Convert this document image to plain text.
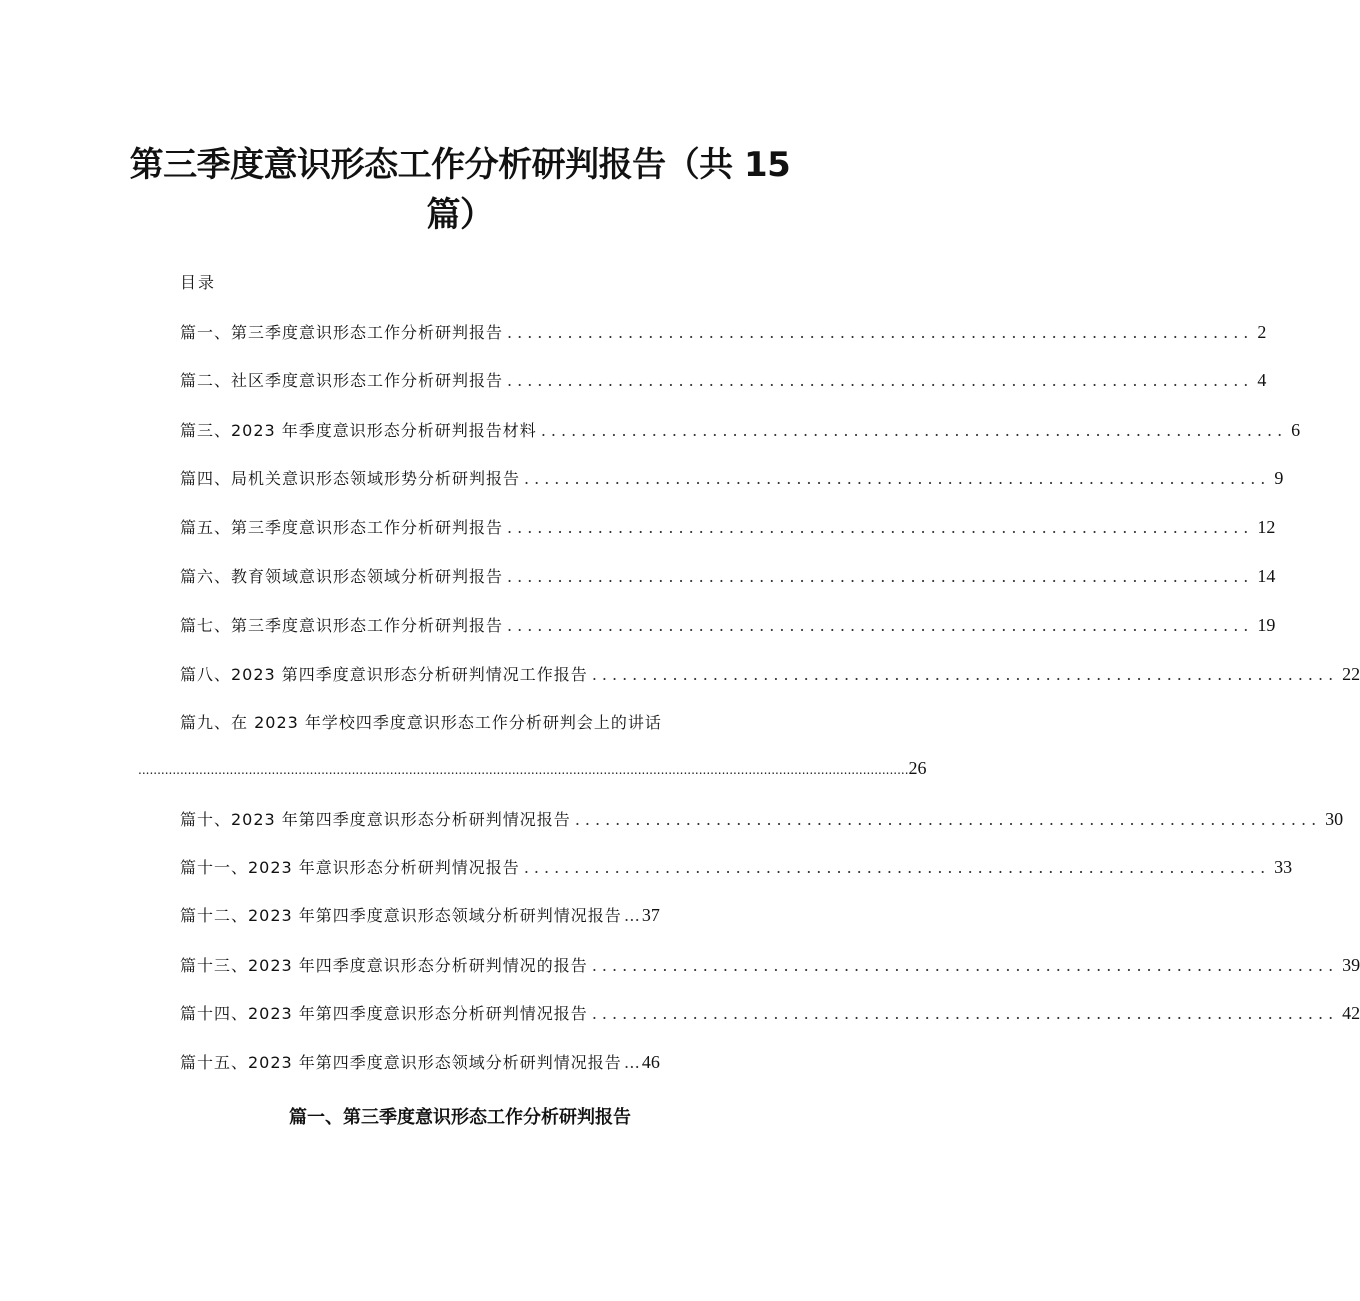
第三季度意识形态工作分析研判报告（共 15
篇）
目录
篇一、第三季度意识形态工作分析研判报告 .......................................................................... 2
篇二、社区季度意识形态工作分析研判报告 .......................................................................... 4
篇三、2023 年季度意识形态分析研判报告材料 .......................................................................... 6
篇四、局机关意识形态领域形势分析研判报告 .......................................................................... 9
篇五、第三季度意识形态工作分析研判报告 .......................................................................... 12
篇六、教育领域意识形态领域分析研判报告 .......................................................................... 14
篇七、第三季度意识形态工作分析研判报告 .......................................................................... 19
篇八、2023 第四季度意识形态分析研判情况工作报告 .......................................................................... 22
篇九、在 2023 年学校四季度意识形态工作分析研判会上的讲话
.......................................................................................................................................................................................................... 26
篇十、2023 年第四季度意识形态分析研判情况报告 .......................................................................... 30
篇十一、2023 年意识形态分析研判情况报告 .......................................................................... 33
篇十二、2023 年第四季度意识形态领域分析研判情况报告 … 37
篇十三、2023 年四季度意识形态分析研判情况的报告 .......................................................................... 39
篇十四、2023 年第四季度意识形态分析研判情况报告 .......................................................................... 42
篇十五、2023 年第四季度意识形态领域分析研判情况报告 … 46
篇一、第三季度意识形态工作分析研判报告
